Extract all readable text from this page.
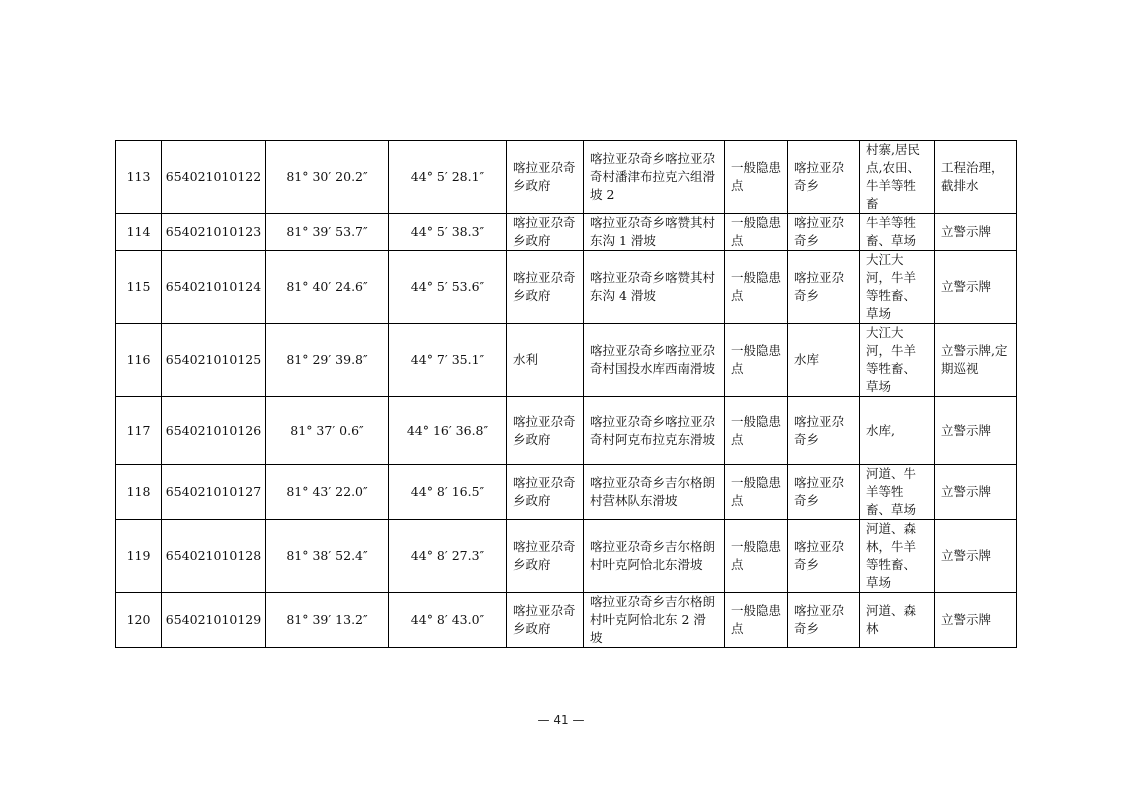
113	654021010122	81° 30′ 20.2″	44° 5′ 28.1″	喀拉亚尕奇乡政府	喀拉亚尕奇乡喀拉亚尕奇村潘津布拉克六组滑坡 2	一般隐患点	喀拉亚尕奇乡	村寨,居民点,农田、牛羊等牲畜	工程治理，截排水
114	654021010123	81° 39′ 53.7″	44° 5′ 38.3″	喀拉亚尕奇乡政府	喀拉亚尕奇乡喀赞其村东沟 1 滑坡	一般隐患点	喀拉亚尕奇乡	牛羊等牲畜、草场	立警示牌
115	654021010124	81° 40′ 24.6″	44° 5′ 53.6″	喀拉亚尕奇乡政府	喀拉亚尕奇乡喀赞其村东沟 4 滑坡	一般隐患点	喀拉亚尕奇乡	大江大河，牛羊等牲畜、草场	立警示牌
116	654021010125	81° 29′ 39.8″	44° 7′ 35.1″	水利	喀拉亚尕奇乡喀拉亚尕奇村国投水库西南滑坡	一般隐患点	水库	大江大河，牛羊等牲畜、草场	立警示牌,定期巡视
117	654021010126	81° 37′ 0.6″	44° 16′ 36.8″	喀拉亚尕奇乡政府	喀拉亚尕奇乡喀拉亚尕奇村阿克布拉克东滑坡	一般隐患点	喀拉亚尕奇乡	水库,	立警示牌
118	654021010127	81° 43′ 22.0″	44° 8′ 16.5″	喀拉亚尕奇乡政府	喀拉亚尕奇乡吉尔格朗村营林队东滑坡	一般隐患点	喀拉亚尕奇乡	河道、牛羊等牲畜、草场	立警示牌
119	654021010128	81° 38′ 52.4″	44° 8′ 27.3″	喀拉亚尕奇乡政府	喀拉亚尕奇乡吉尔格朗村叶克阿恰北东滑坡	一般隐患点	喀拉亚尕奇乡	河道、森林，牛羊等牲畜、草场	立警示牌
120	654021010129	81° 39′ 13.2″	44° 8′ 43.0″	喀拉亚尕奇乡政府	喀拉亚尕奇乡吉尔格朗村叶克阿恰北东 2 滑坡	一般隐患点	喀拉亚尕奇乡	河道、森林	立警示牌
— 41 —
